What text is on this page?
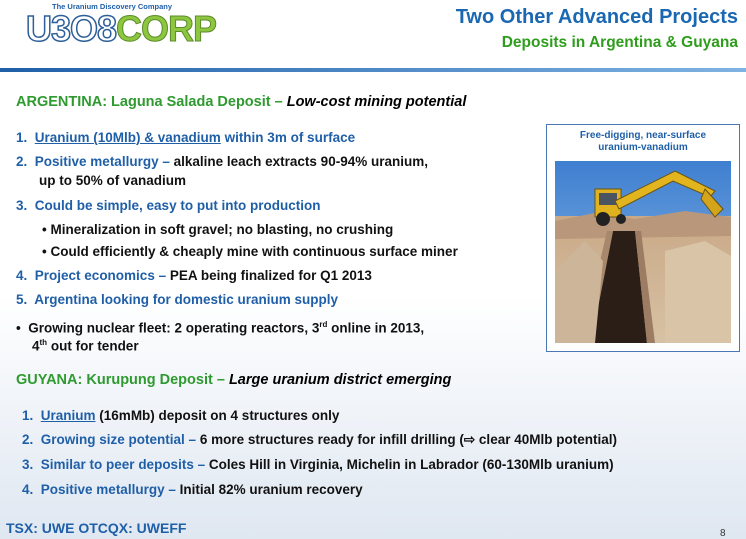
The Uranium Discovery Company
U3O8CORP	Two Other Advanced Projects
Deposits in Argentina & Guyana
ARGENTINA: Laguna Salada Deposit – Low-cost mining potential
1. Uranium (10Mlb) & vanadium within 3m of surface
2. Positive metallurgy – alkaline leach extracts 90-94% uranium,
up to 50% of vanadium
3. Could be simple, easy to put into production
• Mineralization in soft gravel; no blasting, no crushing
• Could efficiently & cheaply mine with continuous surface miner
4. Project economics – PEA being finalized for Q1 2013
5. Argentina looking for domestic uranium supply
• Growing nuclear fleet: 2 operating reactors, 3rd online in 2013,
4th out for tender
Free-digging, near-surface
uranium-vanadium
GUYANA: Kurupung Deposit – Large uranium district emerging
1. Uranium (16mMb) deposit on 4 structures only
2. Growing size potential – 6 more structures ready for infill drilling (⇨ clear 40Mlb potential)
3. Similar to peer deposits – Coles Hill in Virginia, Michelin in Labrador (60-130Mlb uranium)
4. Positive metallurgy – Initial 82% uranium recovery
TSX: UWE OTCQX: UWEFF	8
